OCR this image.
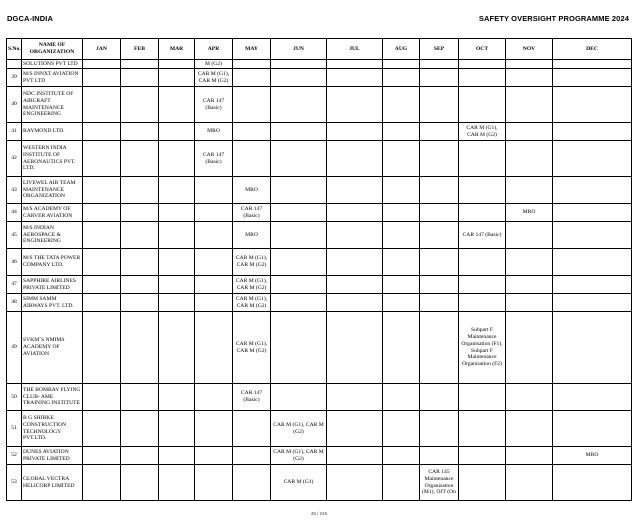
DGCA-INDIA	SAFETY OVERSIGHT PROGRAMME 2024
S.No.	NAME OF ORGANIZATION	JAN	FEB	MAR	APR	MAY	JUN	JUL	AUG	SEP	OCT	NOV	DEC
	SOLUTIONS PVT LTD				M (G2)								
39	M/S INNXT AVIATION PVT LTD				CAR M (G1), CAR M (G2)								
40	NDC INSTITUTE OF AIRCRAFT MAINTENANCE ENGINEERING				CAR 147 (Basic)								
41	RAYMOND LTD.				MRO						CAR M (G1), CAR M (G2)		
42	WESTERN INDIA INSTITUTE OF AERONAUTICS PVT. LTD.				CAR 147 (Basic)								
43	LIVEWEL AIR TEAM MAINTENANCE ORGANIZATION					MRO							
44	M/S ACADEMY OF CARVER AVIATION					CAR 147 (Basic)						MRO	
45	M/S INDIAN AEROSPACE & ENGINEERING					MRO					CAR 147 (Basic)		
46	M/S THE TATA POWER COMPANY LTD.					CAR M (G1), CAR M (G2)							
47	SAPPHIRE AIRLINES PRIVATE LIMITED					CAR M (G1), CAR M (G2)							
48	SIMM SAMM AIRWAYS PVT. LTD.					CAR M (G1), CAR M (G2)							
49	SVKM`S NMIMS ACADEMY OF AVIATION					CAR M (G1), CAR M (G2)					Subpart F Maintenance Organisation (F1), Subpart F Maintenance Organisation (F2)		
50	THE BOMBAY FLYING CLUB- AME TRAINING INSTITUTE					CAR 147 (Basic)							
51	B G SHIRKE CONSTRUCTION TECHNOLOGY PVT.LTD.						CAR M (G1), CAR M (G2)						
52	DUNES AVIATION PRIVATE LIMITED						CAR M (G1), CAR M (G2)						MRO
53	GLOBAL VECTRA HELICORP LIMITED						CAR M (G1)			CAR 145 Maintenance Organisation (M1), OJT (On			
49 / 246
